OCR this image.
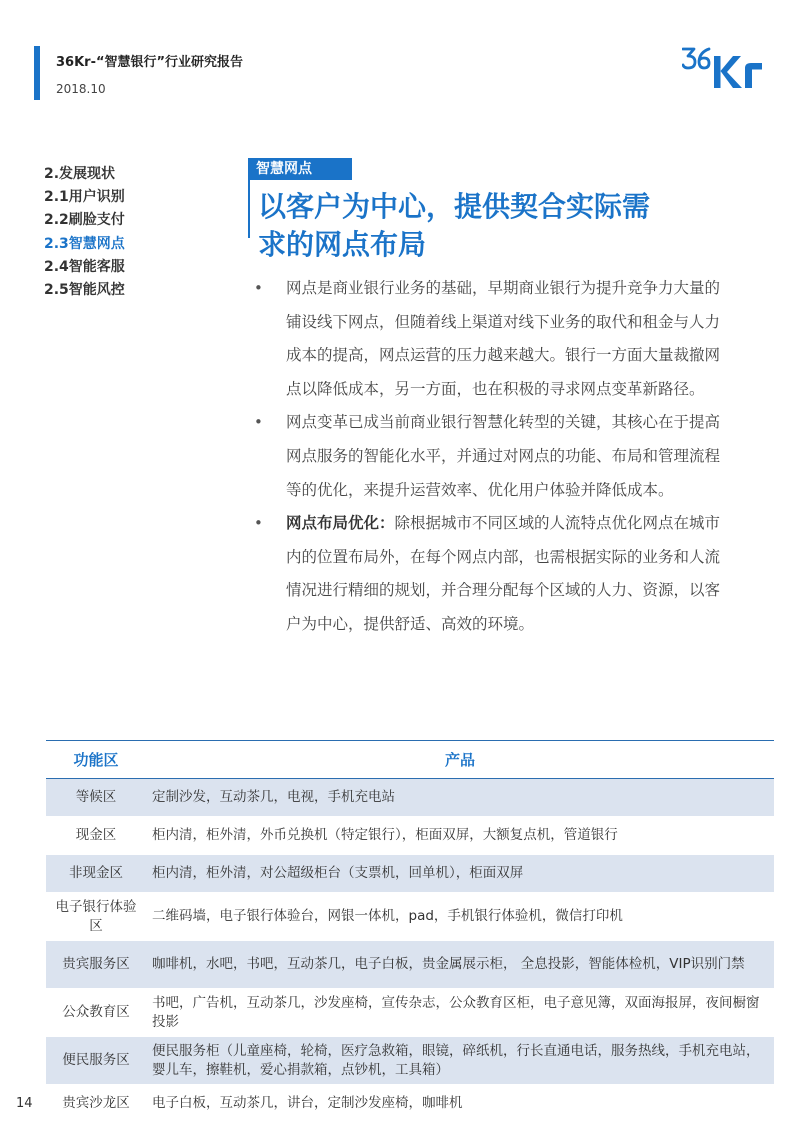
36Kr-“智慧银行”行业研究报告
2018.10
2.发展现状
2.1用户识别
2.2刷脸支付
2.3智慧网点
2.4智能客服
2.5智能风控
智慧网点
以客户为中心，提供契合实际需
求的网点布局
• 网点是商业银行业务的基础，早期商业银行为提升竞争力大量的铺设线下网点，但随着线上渠道对线下业务的取代和租金与人力成本的提高，网点运营的压力越来越大。银行一方面大量裁撤网点以降低成本，另一方面，也在积极的寻求网点变革新路径。
• 网点变革已成当前商业银行智慧化转型的关键，其核心在于提高网点服务的智能化水平，并通过对网点的功能、布局和管理流程等的优化，来提升运营效率、优化用户体验并降低成本。
• 网点布局优化：除根据城市不同区域的人流特点优化网点在城市内的位置布局外，在每个网点内部，也需根据实际的业务和人流情况进行精细的规划，并合理分配每个区域的人力、资源，以客户为中心，提供舒适、高效的环境。
功能区	产品
等候区	定制沙发，互动茶几，电视，手机充电站
现金区	柜内清，柜外清，外币兑换机（特定银行），柜面双屏，大额复点机，管道银行
非现金区	柜内清，柜外清，对公超级柜台（支票机，回单机），柜面双屏
电子银行体验区	二维码墙，电子银行体验台，网银一体机，pad，手机银行体验机，微信打印机
贵宾服务区	咖啡机，水吧，书吧，互动茶几，电子白板，贵金属展示柜， 全息投影，智能体检机，VIP识别门禁
公众教育区	书吧，广告机，互动茶几，沙发座椅，宣传杂志，公众教育区柜，电子意见簿，双面海报屏，夜间橱窗投影
便民服务区	便民服务柜（儿童座椅，轮椅，医疗急救箱，眼镜，碎纸机，行长直通电话，服务热线，手机充电站，婴儿车，擦鞋机，爱心捐款箱，点钞机，工具箱）
贵宾沙龙区	电子白板，互动茶几，讲台，定制沙发座椅，咖啡机
14
